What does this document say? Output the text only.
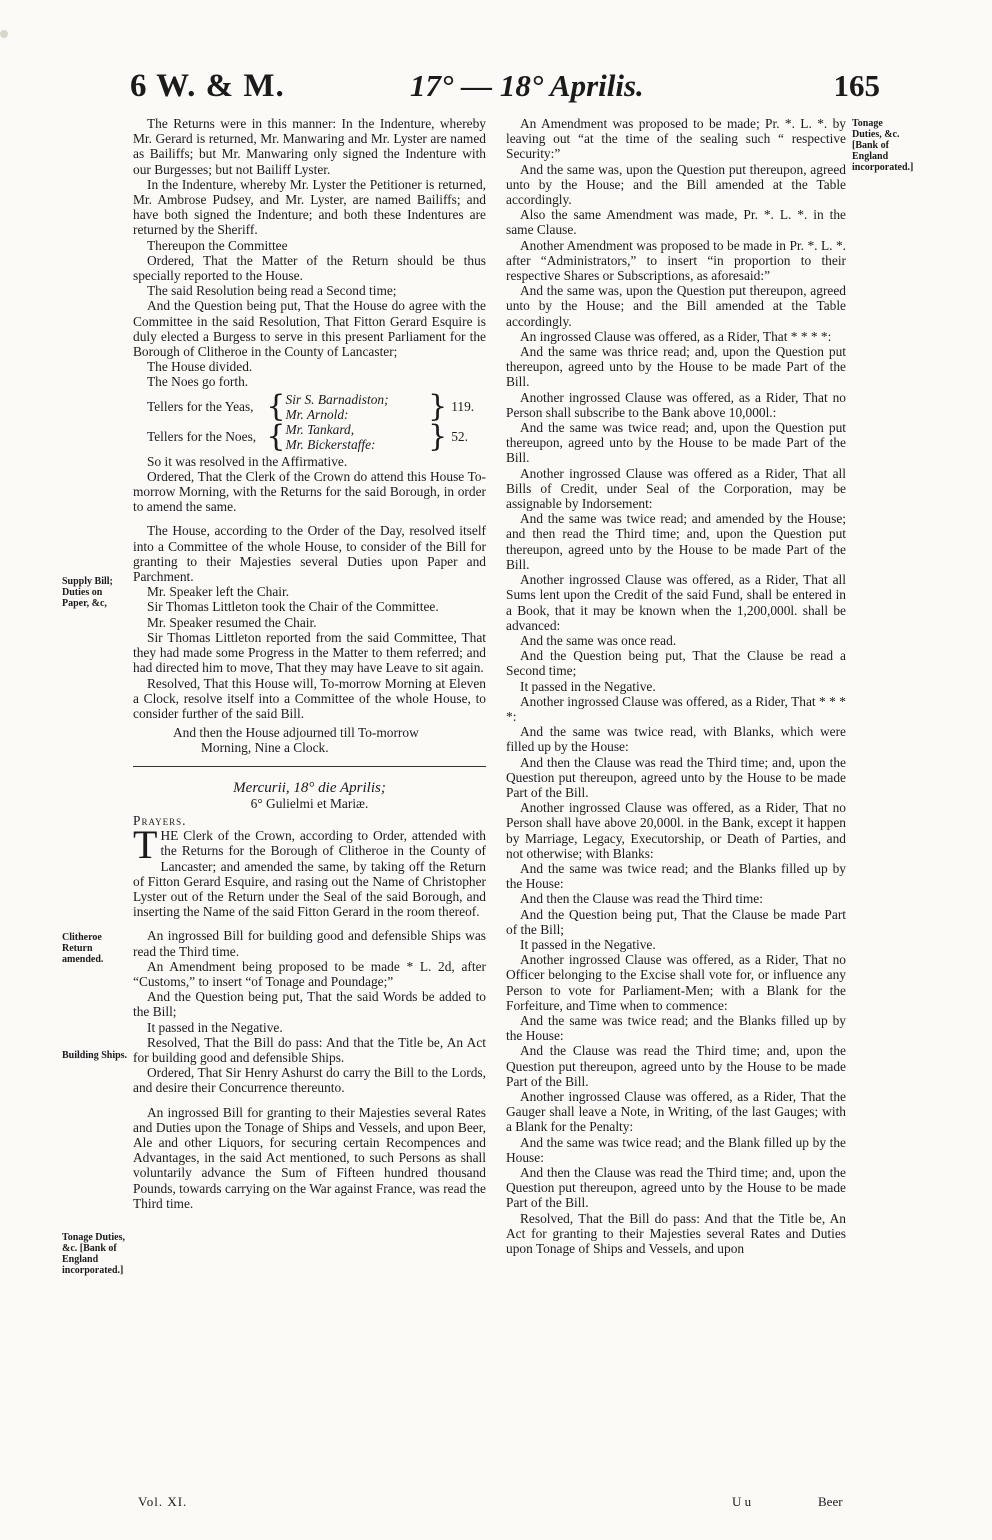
6 W. & M.	17° — 18° Aprilis.	165
Supply Bill; Duties on Paper, &c,
Clitheroe Return amended.
Building Ships.
Tonage Duties, &c. [Bank of England incorporated.]
Tonage Duties, &c. [Bank of England incorporated.]

The Returns were in this manner: In the Indenture, whereby Mr. Gerard is returned, Mr. Manwaring and Mr. Lyster are named as Bailiffs; but Mr. Manwaring only signed the Indenture with our Burgesses; but not Bailiff Lyster.

In the Indenture, whereby Mr. Lyster the Petitioner is returned, Mr. Ambrose Pudsey, and Mr. Lyster, are named Bailiffs; and have both signed the Indenture; and both these Indentures are returned by the Sheriff.

Thereupon the Committee

Ordered, That the Matter of the Return should be thus specially reported to the House.

The said Resolution being read a Second time;

And the Question being put, That the House do agree with the Committee in the said Resolution, That Fitton Gerard Esquire is duly elected a Burgess to serve in this present Parliament for the Borough of Clitheroe in the County of Lancaster;

The House divided.

The Noes go forth.

Tellers for the Yeas,	{	Sir S. Barnadiston;	}	119.
		Mr. Arnold:		
Tellers for the Noes,	{	Mr. Tankard,	}	52.
		Mr. Bickerstaffe:		

So it was resolved in the Affirmative.

Ordered, That the Clerk of the Crown do attend this House To-morrow Morning, with the Returns for the said Borough, in order to amend the same.

The House, according to the Order of the Day, resolved itself into a Committee of the whole House, to consider of the Bill for granting to their Majesties several Duties upon Paper and Parchment.

Mr. Speaker left the Chair.

Sir Thomas Littleton took the Chair of the Committee.

Mr. Speaker resumed the Chair.

Sir Thomas Littleton reported from the said Committee, That they had made some Progress in the Matter to them referred; and had directed him to move, That they may have Leave to sit again.

Resolved, That this House will, To-morrow Morning at Eleven a Clock, resolve itself into a Committee of the whole House, to consider further of the said Bill.

And then the House adjourned till To-morrow

Morning, Nine a Clock.

Mercurii, 18° die Aprilis;

6° Gulielmi et Mariæ.

Prayers.

THE Clerk of the Crown, according to Order, attended with the Returns for the Borough of Clitheroe in the County of Lancaster; and amended the same, by taking off the Return of Fitton Gerard Esquire, and rasing out the Name of Christopher Lyster out of the Return under the Seal of the said Borough, and inserting the Name of the said Fitton Gerard in the room thereof.

An ingrossed Bill for building good and defensible Ships was read the Third time.

An Amendment being proposed to be made * L. 2d, after “Customs,” to insert “of Tonage and Poundage;”

And the Question being put, That the said Words be added to the Bill;

It passed in the Negative.

Resolved, That the Bill do pass: And that the Title be, An Act for building good and defensible Ships.

Ordered, That Sir Henry Ashurst do carry the Bill to the Lords, and desire their Concurrence thereunto.

An ingrossed Bill for granting to their Majesties several Rates and Duties upon the Tonage of Ships and Vessels, and upon Beer, Ale and other Liquors, for securing certain Recompences and Advantages, in the said Act mentioned, to such Persons as shall voluntarily advance the Sum of Fifteen hundred thousand Pounds, towards carrying on the War against France, was read the Third time.

An Amendment was proposed to be made; Pr. *. L. *. by leaving out “at the time of the sealing such “ respective Security:”

And the same was, upon the Question put thereupon, agreed unto by the House; and the Bill amended at the Table accordingly.

Also the same Amendment was made, Pr. *. L. *. in the same Clause.

Another Amendment was proposed to be made in Pr. *. L. *. after “Administrators,” to insert “in proportion to their respective Shares or Subscriptions, as aforesaid:”

And the same was, upon the Question put thereupon, agreed unto by the House; and the Bill amended at the Table accordingly.

An ingrossed Clause was offered, as a Rider, That * * * *:

And the same was thrice read; and, upon the Question put thereupon, agreed unto by the House to be made Part of the Bill.

Another ingrossed Clause was offered, as a Rider, That no Person shall subscribe to the Bank above 10,000l.:

And the same was twice read; and, upon the Question put thereupon, agreed unto by the House to be made Part of the Bill.

Another ingrossed Clause was offered as a Rider, That all Bills of Credit, under Seal of the Corporation, may be assignable by Indorsement:

And the same was twice read; and amended by the House; and then read the Third time; and, upon the Question put thereupon, agreed unto by the House to be made Part of the Bill.

Another ingrossed Clause was offered, as a Rider, That all Sums lent upon the Credit of the said Fund, shall be entered in a Book, that it may be known when the 1,200,000l. shall be advanced:

And the same was once read.

And the Question being put, That the Clause be read a Second time;

It passed in the Negative.

Another ingrossed Clause was offered, as a Rider, That * * * *:

And the same was twice read, with Blanks, which were filled up by the House:

And then the Clause was read the Third time; and, upon the Question put thereupon, agreed unto by the House to be made Part of the Bill.

Another ingrossed Clause was offered, as a Rider, That no Person shall have above 20,000l. in the Bank, except it happen by Marriage, Legacy, Executorship, or Death of Parties, and not otherwise; with Blanks:

And the same was twice read; and the Blanks filled up by the House:

And then the Clause was read the Third time:

And the Question being put, That the Clause be made Part of the Bill;

It passed in the Negative.

Another ingrossed Clause was offered, as a Rider, That no Officer belonging to the Excise shall vote for, or influence any Person to vote for Parliament-Men; with a Blank for the Forfeiture, and Time when to commence:

And the same was twice read; and the Blanks filled up by the House:

And the Clause was read the Third time; and, upon the Question put thereupon, agreed unto by the House to be made Part of the Bill.

Another ingrossed Clause was offered, as a Rider, That the Gauger shall leave a Note, in Writing, of the last Gauges; with a Blank for the Penalty:

And the same was twice read; and the Blank filled up by the House:

And then the Clause was read the Third time; and, upon the Question put thereupon, agreed unto by the House to be made Part of the Bill.

Resolved, That the Bill do pass: And that the Title be, An Act for granting to their Majesties several Rates and Duties upon Tonage of Ships and Vessels, and upon

Vol. XI.	U u	Beer
